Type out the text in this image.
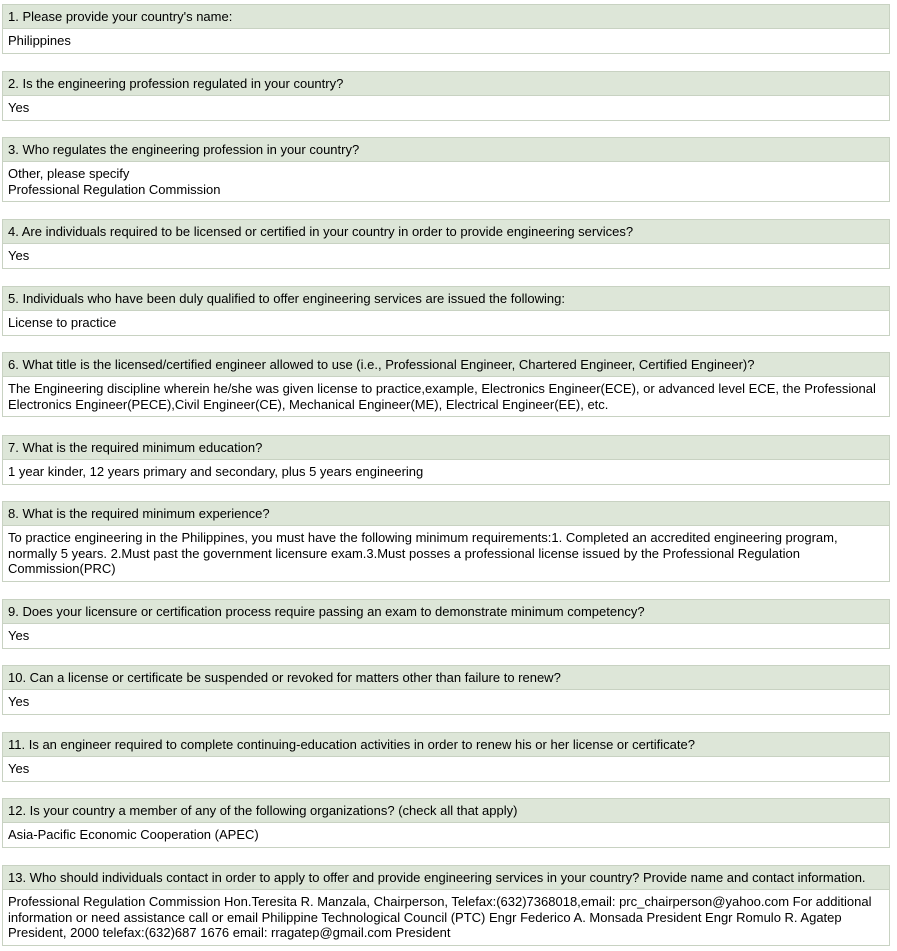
1. Please provide your country's name:
Philippines
2. Is the engineering profession regulated in your country?
Yes
3. Who regulates the engineering profession in your country?
Other, please specify
Professional Regulation Commission
4. Are individuals required to be licensed or certified in your country in order to provide engineering services?
Yes
5. Individuals who have been duly qualified to offer engineering services are issued the following:
License to practice
6. What title is the licensed/certified engineer allowed to use (i.e., Professional Engineer, Chartered Engineer, Certified Engineer)?
The Engineering discipline wherein he/she was given license to practice,example, Electronics Engineer(ECE), or advanced level ECE, the Professional Electronics Engineer(PECE),Civil Engineer(CE), Mechanical Engineer(ME), Electrical Engineer(EE), etc.
7. What is the required minimum education?
1 year kinder, 12 years primary and secondary, plus 5 years engineering
8. What is the required minimum experience?
To practice engineering in the Philippines, you must have the following minimum requirements:1. Completed an accredited engineering program, normally 5 years. 2.Must past the government licensure exam.3.Must posses a professional license issued by the Professional Regulation Commission(PRC)
9. Does your licensure or certification process require passing an exam to demonstrate minimum competency?
Yes
10. Can a license or certificate be suspended or revoked for matters other than failure to renew?
Yes
11. Is an engineer required to complete continuing-education activities in order to renew his or her license or certificate?
Yes
12. Is your country a member of any of the following organizations? (check all that apply)
Asia-Pacific Economic Cooperation (APEC)
13. Who should individuals contact in order to apply to offer and provide engineering services in your country? Provide name and contact information.
Professional Regulation Commission Hon.Teresita R. Manzala, Chairperson, Telefax:(632)7368018,email: prc_chairperson@yahoo.com For additional information or need assistance call or email Philippine Technological Council (PTC) Engr Federico A. Monsada President Engr Romulo R. Agatep President, 2000 telefax:(632)687 1676 email: rragatep@gmail.com President
